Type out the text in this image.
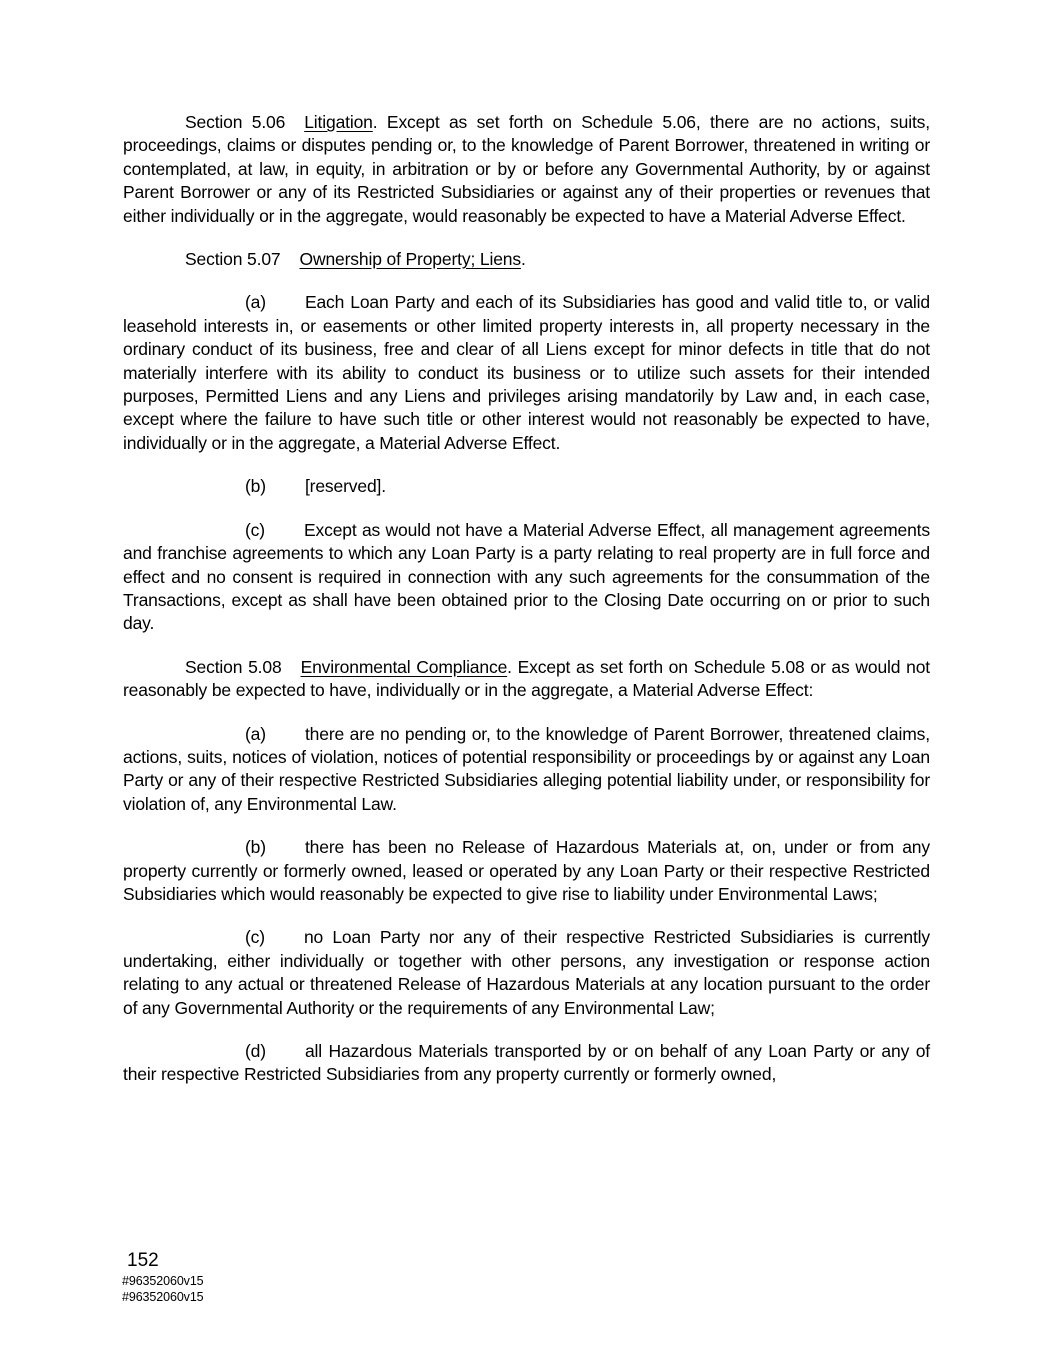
Section 5.06 Litigation. Except as set forth on Schedule 5.06, there are no actions, suits, proceedings, claims or disputes pending or, to the knowledge of Parent Borrower, threatened in writing or contemplated, at law, in equity, in arbitration or by or before any Governmental Authority, by or against Parent Borrower or any of its Restricted Subsidiaries or against any of their properties or revenues that either individually or in the aggregate, would reasonably be expected to have a Material Adverse Effect.

Section 5.07 Ownership of Property; Liens.

(a) Each Loan Party and each of its Subsidiaries has good and valid title to, or valid leasehold interests in, or easements or other limited property interests in, all property necessary in the ordinary conduct of its business, free and clear of all Liens except for minor defects in title that do not materially interfere with its ability to conduct its business or to utilize such assets for their intended purposes, Permitted Liens and any Liens and privileges arising mandatorily by Law and, in each case, except where the failure to have such title or other interest would not reasonably be expected to have, individually or in the aggregate, a Material Adverse Effect.

(b) [reserved].

(c) Except as would not have a Material Adverse Effect, all management agreements and franchise agreements to which any Loan Party is a party relating to real property are in full force and effect and no consent is required in connection with any such agreements for the consummation of the Transactions, except as shall have been obtained prior to the Closing Date occurring on or prior to such day.

Section 5.08 Environmental Compliance. Except as set forth on Schedule 5.08 or as would not reasonably be expected to have, individually or in the aggregate, a Material Adverse Effect:

(a) there are no pending or, to the knowledge of Parent Borrower, threatened claims, actions, suits, notices of violation, notices of potential responsibility or proceedings by or against any Loan Party or any of their respective Restricted Subsidiaries alleging potential liability under, or responsibility for violation of, any Environmental Law.

(b) there has been no Release of Hazardous Materials at, on, under or from any property currently or formerly owned, leased or operated by any Loan Party or their respective Restricted Subsidiaries which would reasonably be expected to give rise to liability under Environmental Laws;

(c) no Loan Party nor any of their respective Restricted Subsidiaries is currently undertaking, either individually or together with other persons, any investigation or response action relating to any actual or threatened Release of Hazardous Materials at any location pursuant to the order of any Governmental Authority or the requirements of any Environmental Law;

(d) all Hazardous Materials transported by or on behalf of any Loan Party or any of their respective Restricted Subsidiaries from any property currently or formerly owned,

152
#96352060v15
#96352060v15
